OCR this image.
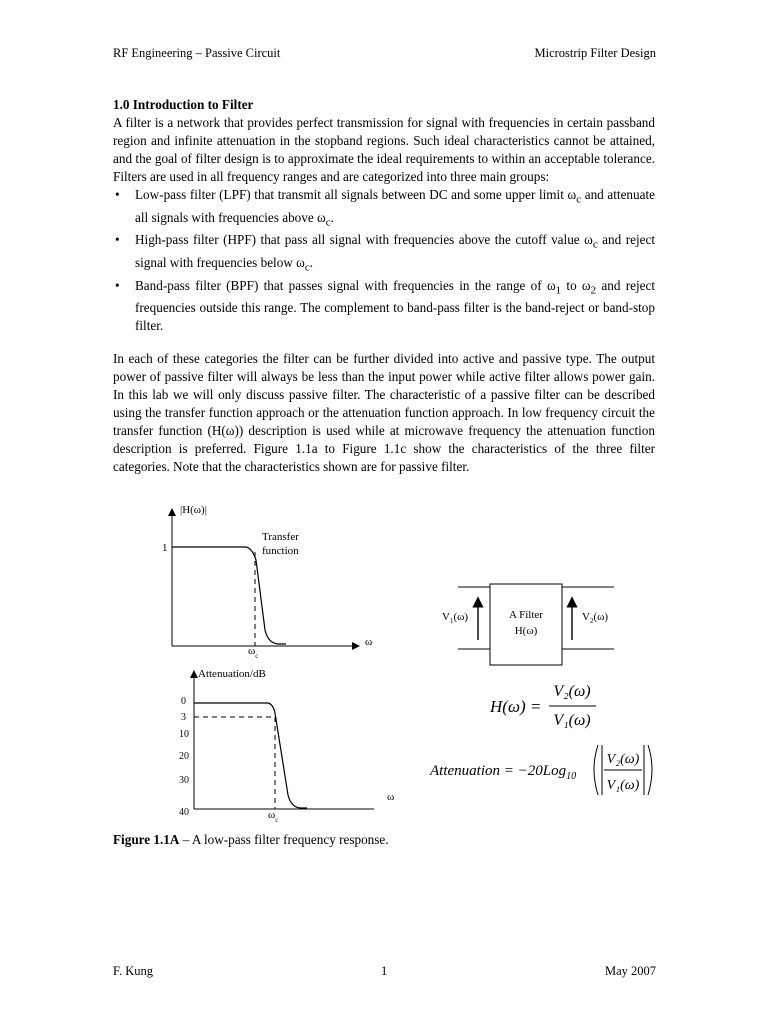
RF Engineering – Passive Circuit	Microstrip Filter Design
1.0 Introduction to Filter
A filter is a network that provides perfect transmission for signal with frequencies in certain passband region and infinite attenuation in the stopband regions. Such ideal characteristics cannot be attained, and the goal of filter design is to approximate the ideal requirements to within an acceptable tolerance. Filters are used in all frequency ranges and are categorized into three main groups:
• Low-pass filter (LPF) that transmit all signals between DC and some upper limit $\omega_c$ and attenuate all signals with frequencies above $\omega_c$.
• High-pass filter (HPF) that pass all signal with frequencies above the cutoff value $\omega_c$ and reject signal with frequencies below $\omega_c$.
• Band-pass filter (BPF) that passes signal with frequencies in the range of $\omega_1$ to $\omega_2$ and reject frequencies outside this range. The complement to band-pass filter is the band-reject or band-stop filter.
In each of these categories the filter can be further divided into active and passive type. The output power of passive filter will always be less than the input power while active filter allows power gain. In this lab we will only discuss passive filter. The characteristic of a passive filter can be described using the transfer function approach or the attenuation function approach. In low frequency circuit the transfer function (H(ω)) description is used while at microwave frequency the attenuation function description is preferred. Figure 1.1a to Figure 1.1c show the characteristics of the three filter categories. Note that the characteristics shown are for passive filter.
|H(ω)|
1
Transfer
function
ω
$\omega_c$
Attenuation/dB
0
3
10
20
30
40
ω
$\omega_c$
A Filter
H(ω)
$V_1(\omega)$	$V_2(\omega)$
H(ω) =
V₂(ω)
V₁(ω)
Attenuation = −20Log$_{10}$
V₂(ω)
V₁(ω)
Figure 1.1A – A low-pass filter frequency response.
F. Kung	1	May 2007
